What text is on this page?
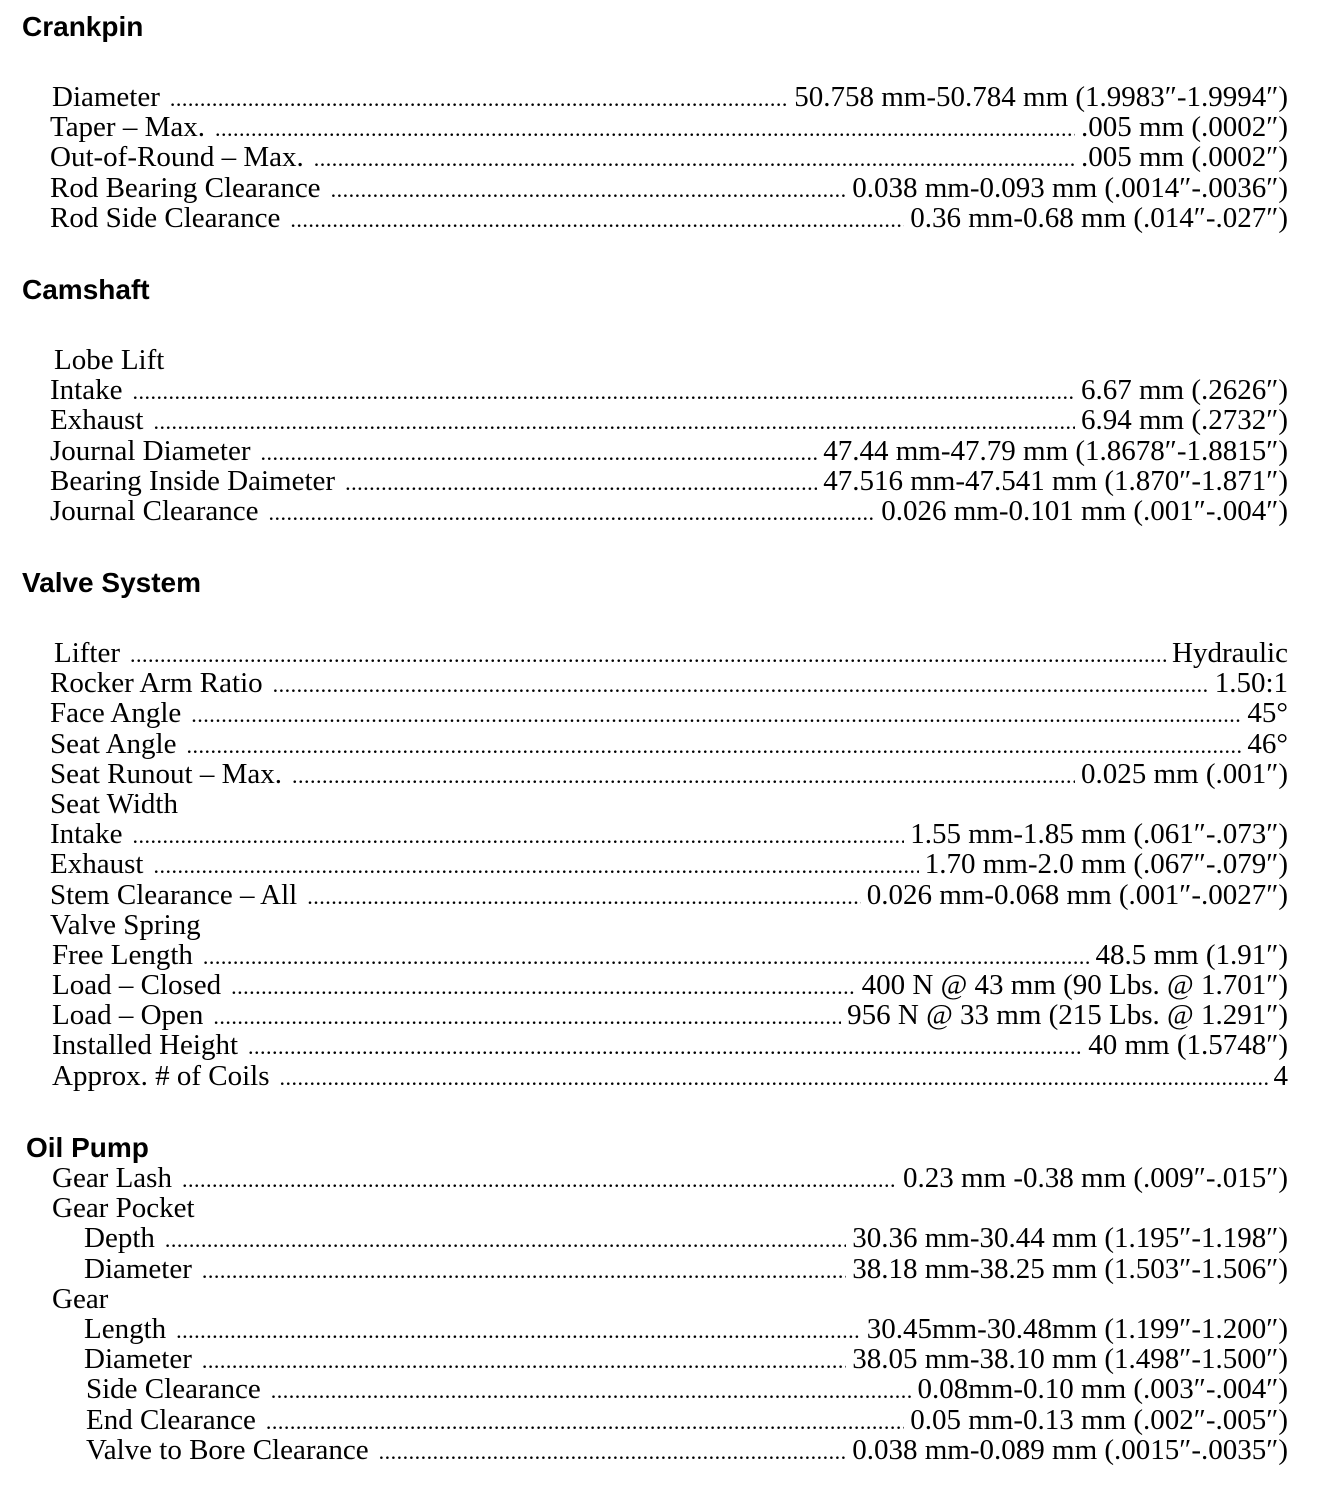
Crankpin
Diameter .....	50.758 mm-50.784 mm (1.9983″-1.9994″)
Taper – Max. .....	.005 mm (.0002″)
Out-of-Round – Max. .....	.005 mm (.0002″)
Rod Bearing Clearance .....	0.038 mm-0.093 mm (.0014″-.0036″)
Rod Side Clearance .....	0.36 mm-0.68 mm (.014″-.027″)
Camshaft
Lobe Lift
Intake .....	6.67 mm (.2626″)
Exhaust .....	6.94 mm (.2732″)
Journal Diameter .....	47.44 mm-47.79 mm (1.8678″-1.8815″)
Bearing Inside Daimeter .....	47.516 mm-47.541 mm (1.870″-1.871″)
Journal Clearance .....	0.026 mm-0.101 mm (.001″-.004″)
Valve System
Lifter .....	Hydraulic
Rocker Arm Ratio .....	1.50:1
Face Angle .....	45°
Seat Angle .....	46°
Seat Runout – Max. .....	0.025 mm (.001″)
Seat Width
Intake .....	1.55 mm-1.85 mm (.061″-.073″)
Exhaust .....	1.70 mm-2.0 mm (.067″-.079″)
Stem Clearance – All .....	0.026 mm-0.068 mm (.001″-.0027″)
Valve Spring
Free Length .....	48.5 mm (1.91″)
Load – Closed .....	400 N @ 43 mm (90 Lbs. @ 1.701″)
Load – Open .....	956 N @ 33 mm (215 Lbs. @ 1.291″)
Installed Height .....	40 mm (1.5748″)
Approx. # of Coils .....	4
Oil Pump
Gear Lash .....	0.23 mm -0.38 mm (.009″-.015″)
Gear Pocket
Depth .....	30.36 mm-30.44 mm (1.195″-1.198″)
Diameter .....	38.18 mm-38.25 mm (1.503″-1.506″)
Gear
Length .....	30.45mm-30.48mm (1.199″-1.200″)
Diameter .....	38.05 mm-38.10 mm (1.498″-1.500″)
Side Clearance .....	0.08mm-0.10 mm (.003″-.004″)
End Clearance .....	0.05 mm-0.13 mm (.002″-.005″)
Valve to Bore Clearance .....	0.038 mm-0.089 mm (.0015″-.0035″)
